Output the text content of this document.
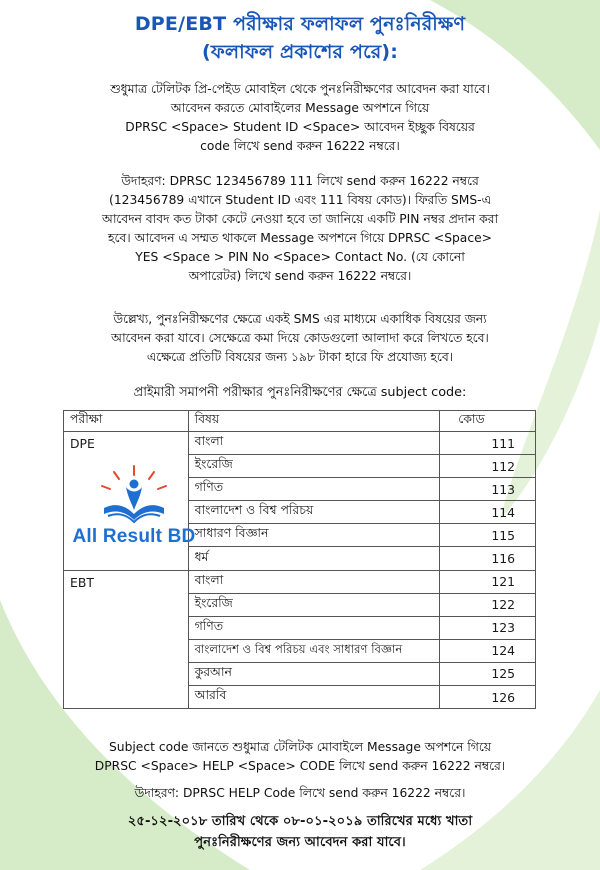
DPE/EBT পরীক্ষার ফলাফল পুনঃনিরীক্ষণ
(ফলাফল প্রকাশের পরে):
শুধুমাত্র টেলিটক প্রি-পেইড মোবাইল থেকে পুনঃনিরীক্ষণের আবেদন করা যাবে।
আবেদন করতে মোবাইলের Message অপশনে গিয়ে
DPRSC <Space> Student ID <Space> আবেদন ইচ্ছুক বিষয়ের
code লিখে send করুন 16222 নম্বরে।
উদাহরণ: DPRSC 123456789 111 লিখে send করুন 16222 নম্বরে
(123456789 এখানে Student ID এবং 111 বিষয় কোড)। ফিরতি SMS-এ
আবেদন বাবদ কত টাকা কেটে নেওয়া হবে তা জানিয়ে একটি PIN নম্বর প্রদান করা
হবে। আবেদন এ সম্মত থাকলে Message অপশনে গিয়ে DPRSC <Space>
YES <Space > PIN No <Space> Contact No. (যে কোনো
অপারেটর) লিখে send করুন 16222 নম্বরে।
উল্লেখ্য, পুনঃনিরীক্ষণের ক্ষেত্রে একই SMS এর মাধ্যমে একাধিক বিষয়ের জন্য
আবেদন করা যাবে। সেক্ষেত্রে কমা দিয়ে কোডগুলো আলাদা করে লিখতে হবে।
এক্ষেত্রে প্রতিটি বিষয়ের জন্য ১৯৮ টাকা হারে ফি প্রযোজ্য হবে।
প্রাইমারী সমাপনী পরীক্ষার পুনঃনিরীক্ষণের ক্ষেত্রে subject code:
পরীক্ষা	বিষয়	কোড
DPE	বাংলা	111
	ইংরেজি	112
	গণিত	113
	বাংলাদেশ ও বিশ্ব পরিচয়	114
	সাধারণ বিজ্ঞান	115
	ধর্ম	116
EBT	বাংলা	121
	ইংরেজি	122
	গণিত	123
	বাংলাদেশ ও বিশ্ব পরিচয় এবং সাধারণ বিজ্ঞান	124
	কুরআন	125
	আরবি	126
All Result BD
Subject code জানতে শুধুমাত্র টেলিটক মোবাইলে Message অপশনে গিয়ে
DPRSC <Space> HELP <Space> CODE লিখে send করুন 16222 নম্বরে।
উদাহরণ: DPRSC HELP Code লিখে send করুন 16222 নম্বরে।
২৫-১২-২০১৮ তারিখ থেকে ০৮-০১-২০১৯ তারিখের মধ্যে খাতা
পুনঃনিরীক্ষণের জন্য আবেদন করা যাবে।
